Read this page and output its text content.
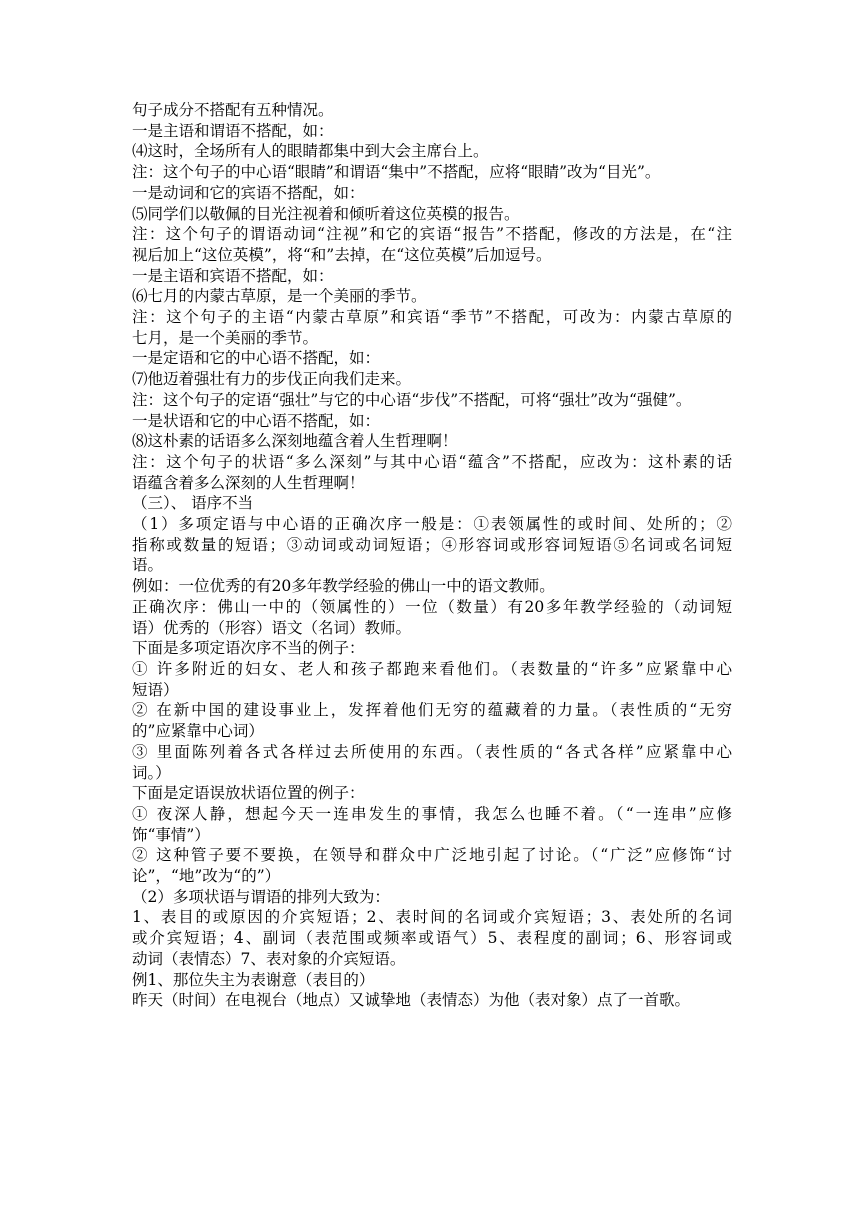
句子成分不搭配有五种情况。
一是主语和谓语不搭配，如：
⑷这时，全场所有人的眼睛都集中到大会主席台上。
注：这个句子的中心语“眼睛”和谓语“集中”不搭配，应将“眼睛”改为“目光”。
一是动词和它的宾语不搭配，如：
⑸同学们以敬佩的目光注视着和倾听着这位英模的报告。
注：这个句子的谓语动词“注视”和它的宾语“报告”不搭配，修改的方法是，在“注
视后加上“这位英模”，将“和”去掉，在“这位英模”后加逗号。
一是主语和宾语不搭配，如：
⑹七月的内蒙古草原，是一个美丽的季节。
注：这个句子的主语“内蒙古草原”和宾语“季节”不搭配，可改为：内蒙古草原的
七月，是一个美丽的季节。
一是定语和它的中心语不搭配，如：
⑺他迈着强壮有力的步伐正向我们走来。
注：这个句子的定语“强壮”与它的中心语“步伐”不搭配，可将“强壮”改为“强健”。
一是状语和它的中心语不搭配，如：
⑻这朴素的话语多么深刻地蕴含着人生哲理啊！
注：这个句子的状语“多么深刻”与其中心语“蕴含”不搭配，应改为：这朴素的话
语蕴含着多么深刻的人生哲理啊！
（三）、 语序不当
（1）多项定语与中心语的正确次序一般是：①表领属性的或时间、处所的；②
指称或数量的短语；③动词或动词短语；④形容词或形容词短语⑤名词或名词短
语。
例如：一位优秀的有20多年教学经验的佛山一中的语文教师。
正确次序：佛山一中的（领属性的）一位（数量）有20多年教学经验的（动词短
语）优秀的（形容）语文（名词）教师。
下面是多项定语次序不当的例子：
① 许多附近的妇女、老人和孩子都跑来看他们。（表数量的“许多”应紧靠中心
短语）
② 在新中国的建设事业上，发挥着他们无穷的蕴藏着的力量。（表性质的“无穷
的”应紧靠中心词）
③ 里面陈列着各式各样过去所使用的东西。（表性质的“各式各样”应紧靠中心
词。）
下面是定语误放状语位置的例子：
① 夜深人静，想起今天一连串发生的事情，我怎么也睡不着。（“一连串”应修
饰“事情”）
② 这种管子要不要换，在领导和群众中广泛地引起了讨论。（“广泛”应修饰“讨
论”，“地”改为“的”）
（2）多项状语与谓语的排列大致为：
1、表目的或原因的介宾短语；2、表时间的名词或介宾短语；3、表处所的名词
或介宾短语；4、副词（表范围或频率或语气）5、表程度的副词；6、形容词或
动词（表情态）7、表对象的介宾短语。
例1、那位失主为表谢意（表目的）
昨天（时间）在电视台（地点）又诚挚地（表情态）为他（表对象）点了一首歌。
